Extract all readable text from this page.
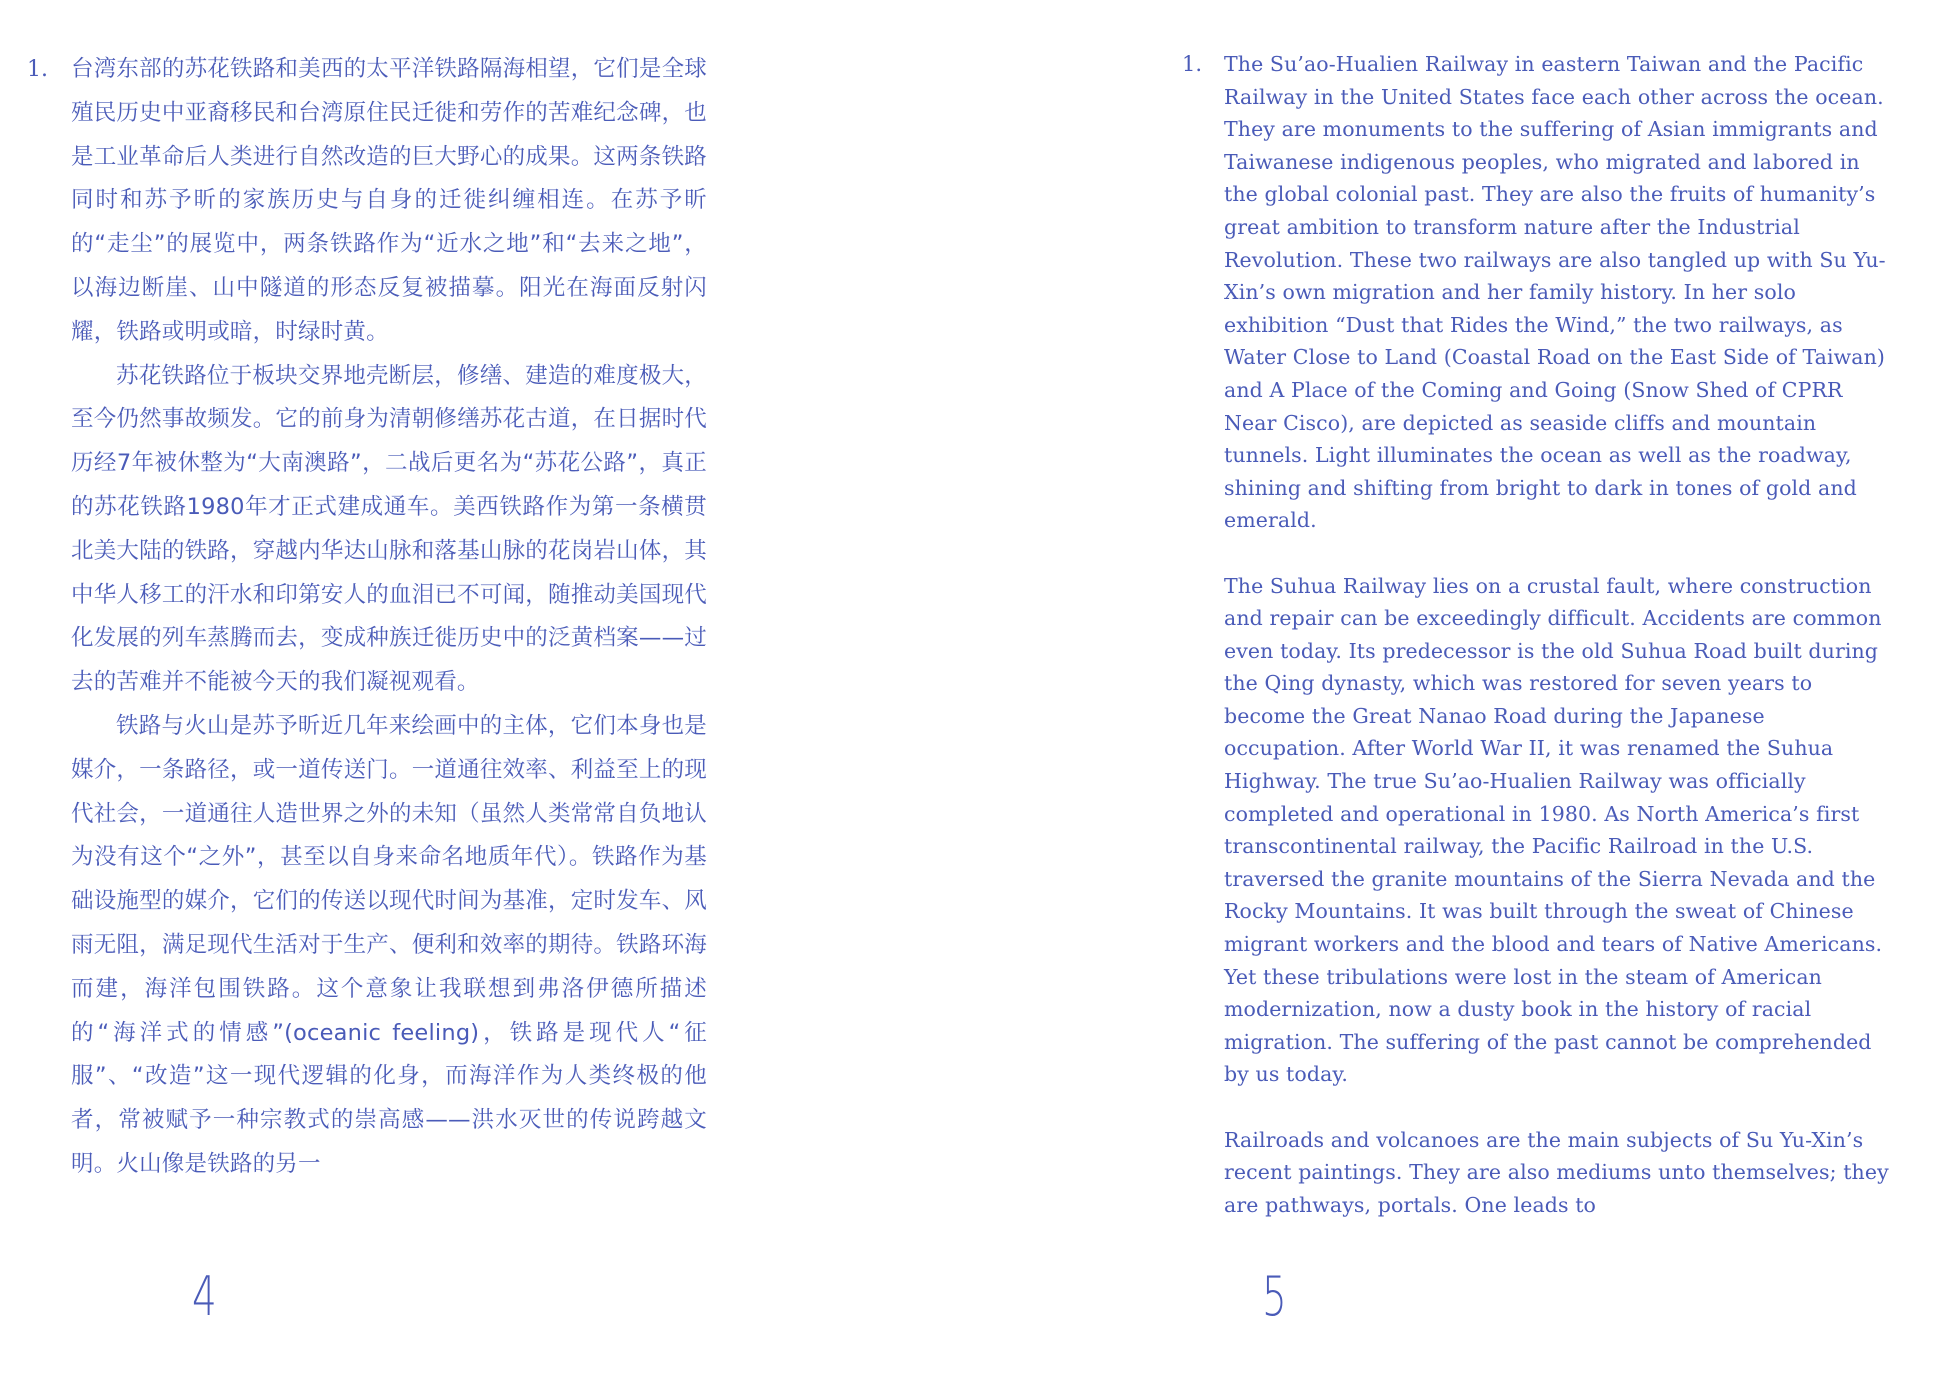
1. 台湾东部的苏花铁路和美西的太平洋铁路隔海相望，它们是全球殖民历史中亚裔移民和台湾原住民迁徙和劳作的苦难纪念碑，也是工业革命后人类进行自然改造的巨大野心的成果。这两条铁路同时和苏予昕的家族历史与自身的迁徙纠缠相连。在苏予昕的“走尘”的展览中，两条铁路作为“近水之地”和“去来之地”，以海边断崖、山中隧道的形态反复被描摹。阳光在海面反射闪耀，铁路或明或暗，时绿时黄。

苏花铁路位于板块交界地壳断层，修缮、建造的难度极大，至今仍然事故频发。它的前身为清朝修缮苏花古道，在日据时代历经7年被休整为“大南澳路”，二战后更名为“苏花公路”，真正的苏花铁路1980年才正式建成通车。美西铁路作为第一条横贯北美大陆的铁路，穿越内华达山脉和落基山脉的花岗岩山体，其中华人移工的汗水和印第安人的血泪已不可闻，随推动美国现代化发展的列车蒸腾而去，变成种族迁徙历史中的泛黄档案——过去的苦难并不能被今天的我们凝视观看。

铁路与火山是苏予昕近几年来绘画中的主体，它们本身也是媒介，一条路径，或一道传送门。一道通往效率、利益至上的现代社会，一道通往人造世界之外的未知（虽然人类常常自负地认为没有这个“之外”，甚至以自身来命名地质年代）。铁路作为基础设施型的媒介，它们的传送以现代时间为基准，定时发车、风雨无阻，满足现代生活对于生产、便利和效率的期待。铁路环海而建，海洋包围铁路。这个意象让我联想到弗洛伊德所描述的“海洋式的情感”(oceanic feeling)，铁路是现代人“征服”、“改造”这一现代逻辑的化身，而海洋作为人类终极的他者，常被赋予一种宗教式的崇高感——洪水灭世的传说跨越文明。火山像是铁路的另一

1. The Su’ao-Hualien Railway in eastern Taiwan and the Pacific Railway in the United States face each other across the ocean. They are monuments to the suffering of Asian immigrants and Taiwanese indigenous peoples, who migrated and labored in the global colonial past. They are also the fruits of humanity’s great ambition to transform nature after the Industrial Revolution. These two railways are also tangled up with Su Yu-Xin’s own migration and her family history. In her solo exhibition “Dust that Rides the Wind,” the two railways, as Water Close to Land (Coastal Road on the East Side of Taiwan) and A Place of the Coming and Going (Snow Shed of CPRR Near Cisco), are depicted as seaside cliffs and mountain tunnels. Light illuminates the ocean as well as the roadway, shining and shifting from bright to dark in tones of gold and emerald.

The Suhua Railway lies on a crustal fault, where construction and repair can be exceedingly difficult. Accidents are common even today. Its predecessor is the old Suhua Road built during the Qing dynasty, which was restored for seven years to become the Great Nanao Road during the Japanese occupation. After World War II, it was renamed the Suhua Highway. The true Su’ao-Hualien Railway was officially completed and operational in 1980. As North America’s first transcontinental railway, the Pacific Railroad in the U.S. traversed the granite mountains of the Sierra Nevada and the Rocky Mountains. It was built through the sweat of Chinese migrant workers and the blood and tears of Native Americans. Yet these tribulations were lost in the steam of American modernization, now a dusty book in the history of racial migration. The suffering of the past cannot be comprehended by us today.

Railroads and volcanoes are the main subjects of Su Yu-Xin’s recent paintings. They are also mediums unto themselves; they are pathways, portals. One leads to

4	5
